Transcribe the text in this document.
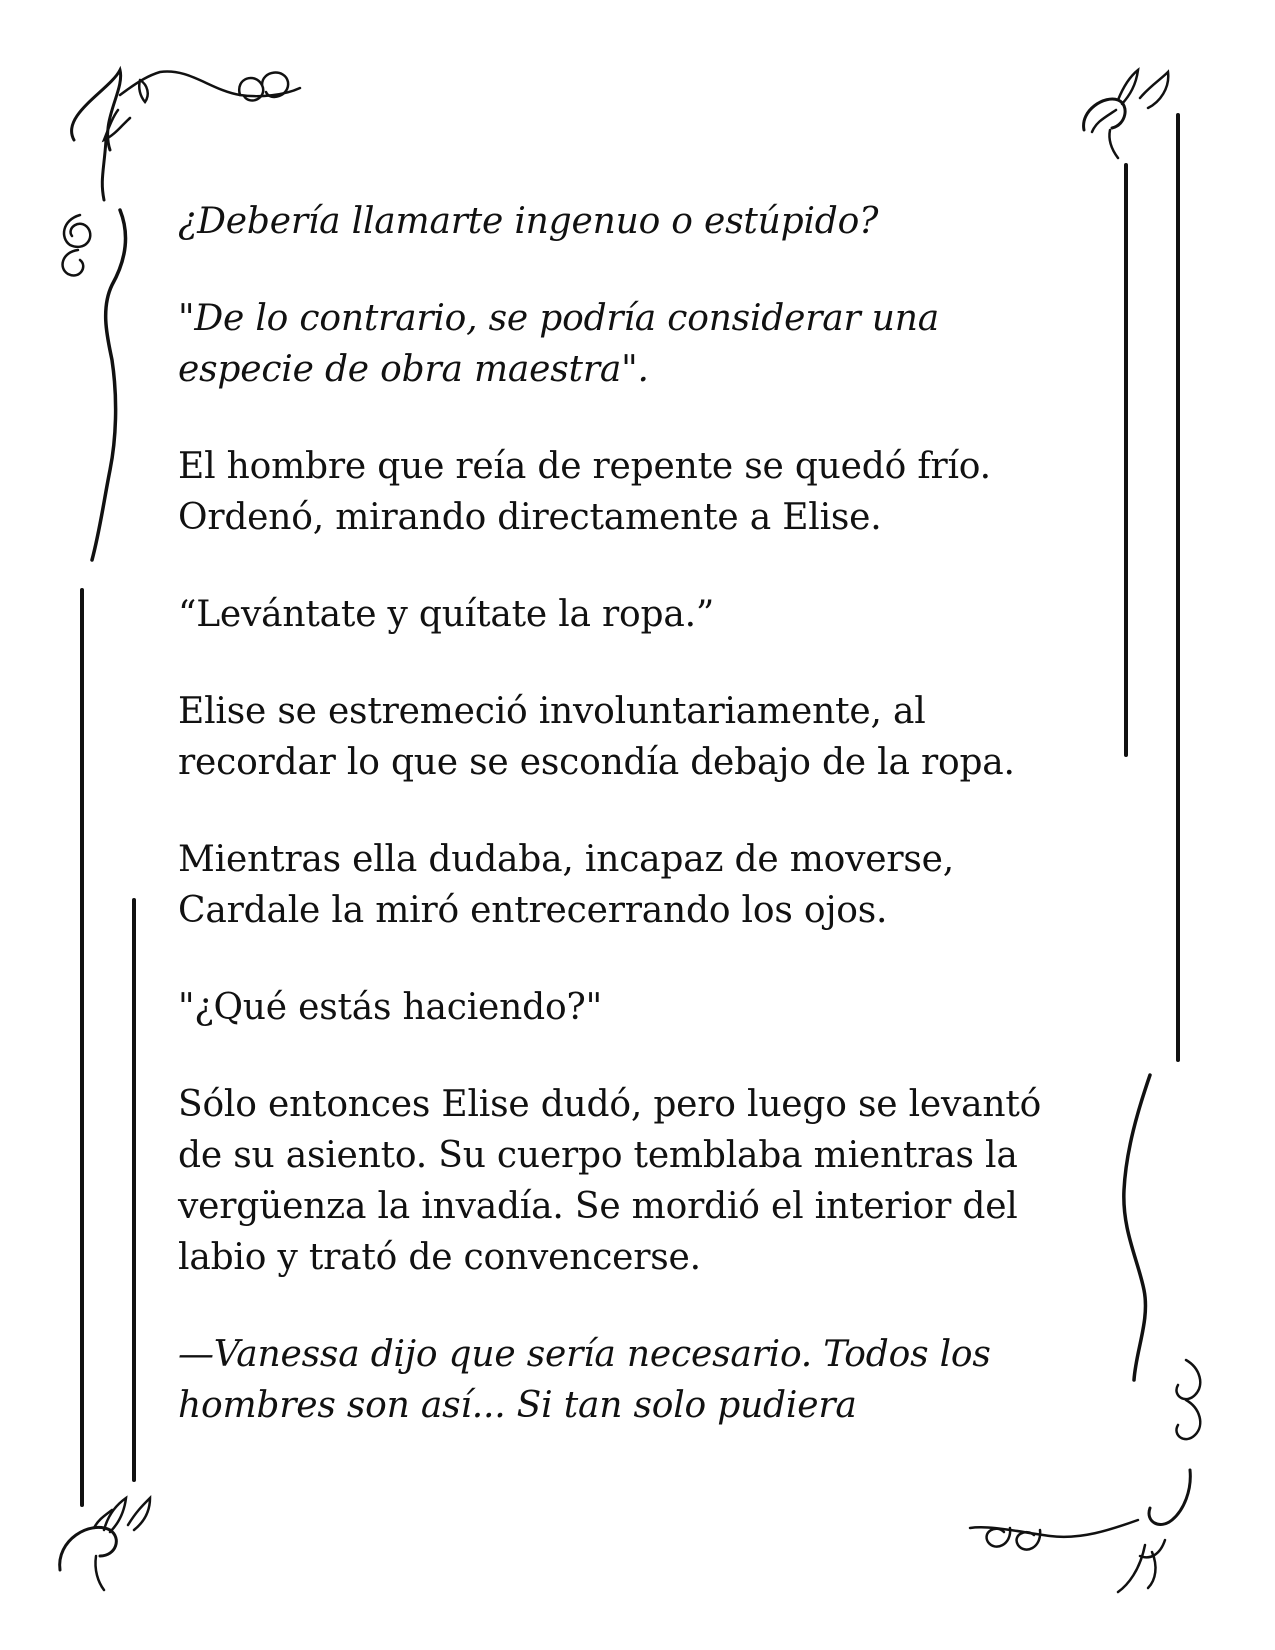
¿Debería llamarte ingenuo o estúpido?

"De lo contrario, se podría considerar una
especie de obra maestra".

El hombre que reía de repente se quedó frío.
Ordenó, mirando directamente a Elise.

“Levántate y quítate la ropa.”

Elise se estremeció involuntariamente, al
recordar lo que se escondía debajo de la ropa.

Mientras ella dudaba, incapaz de moverse,
Cardale la miró entrecerrando los ojos.

"¿Qué estás haciendo?"

Sólo entonces Elise dudó, pero luego se levantó
de su asiento. Su cuerpo temblaba mientras la
vergüenza la invadía. Se mordió el interior del
labio y trató de convencerse.

—Vanessa dijo que sería necesario. Todos los
hombres son así... Si tan solo pudiera
